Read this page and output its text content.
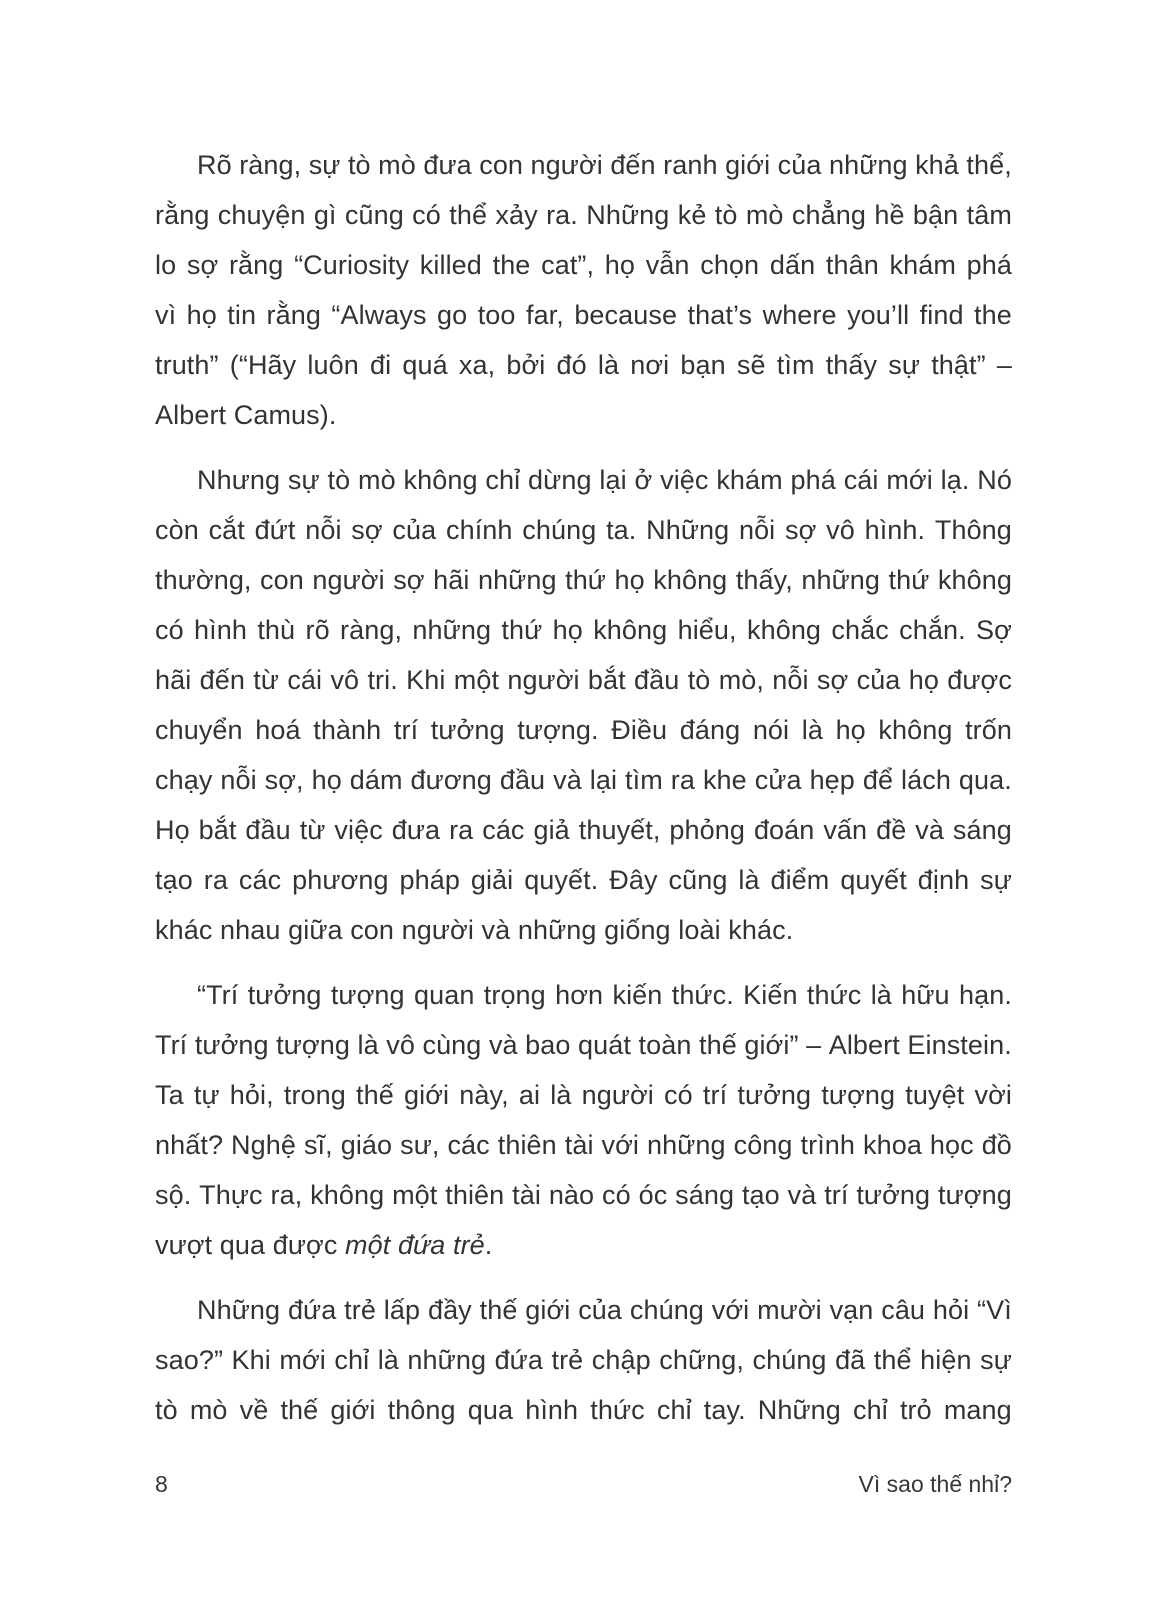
Rõ ràng, sự tò mò đưa con người đến ranh giới của những khả thể,
rằng chuyện gì cũng có thể xảy ra. Những kẻ tò mò chẳng hề bận tâm
lo sợ rằng “Curiosity killed the cat”, họ vẫn chọn dấn thân khám phá
vì họ tin rằng “Always go too far, because that’s where you’ll find the
truth” (“Hãy luôn đi quá xa, bởi đó là nơi bạn sẽ tìm thấy sự thật” –
Albert Camus).
Nhưng sự tò mò không chỉ dừng lại ở việc khám phá cái mới lạ. Nó
còn cắt đứt nỗi sợ của chính chúng ta. Những nỗi sợ vô hình. Thông
thường, con người sợ hãi những thứ họ không thấy, những thứ không
có hình thù rõ ràng, những thứ họ không hiểu, không chắc chắn. Sợ
hãi đến từ cái vô tri. Khi một người bắt đầu tò mò, nỗi sợ của họ được
chuyển hoá thành trí tưởng tượng. Điều đáng nói là họ không trốn
chạy nỗi sợ, họ dám đương đầu và lại tìm ra khe cửa hẹp để lách qua.
Họ bắt đầu từ việc đưa ra các giả thuyết, phỏng đoán vấn đề và sáng
tạo ra các phương pháp giải quyết. Đây cũng là điểm quyết định sự
khác nhau giữa con người và những giống loài khác.
“Trí tưởng tượng quan trọng hơn kiến thức. Kiến thức là hữu hạn.
Trí tưởng tượng là vô cùng và bao quát toàn thế giới” – Albert Einstein.
Ta tự hỏi, trong thế giới này, ai là người có trí tưởng tượng tuyệt vời
nhất? Nghệ sĩ, giáo sư, các thiên tài với những công trình khoa học đồ
sộ. Thực ra, không một thiên tài nào có óc sáng tạo và trí tưởng tượng
vượt qua được một đứa trẻ.
Những đứa trẻ lấp đầy thế giới của chúng với mười vạn câu hỏi “Vì
sao?” Khi mới chỉ là những đứa trẻ chập chững, chúng đã thể hiện sự
tò mò về thế giới thông qua hình thức chỉ tay. Những chỉ trỏ mang
8	Vì sao thế nhỉ?
